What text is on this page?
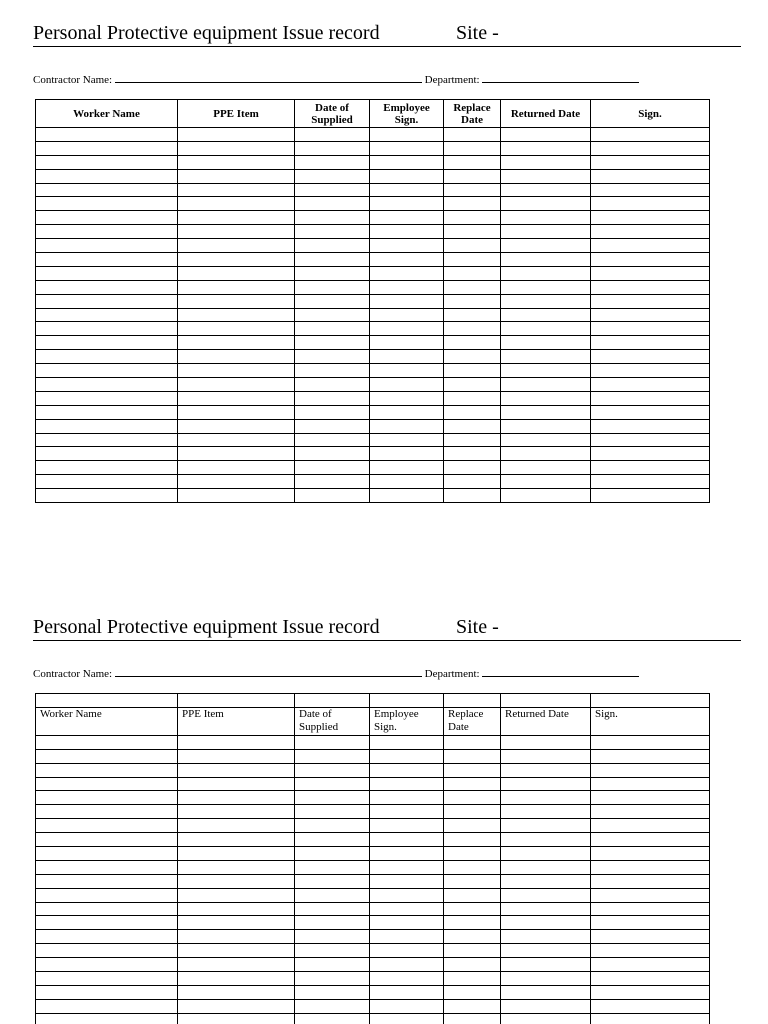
Personal Protective equipment Issue record	Site -
Contractor Name:	Department:
Worker Name	PPE Item	Date of Supplied	Employee Sign.	Replace Date	Returned Date	Sign.

Personal Protective equipment Issue record	Site -
Contractor Name:	Department:

Worker Name	PPE Item	Date of Supplied	Employee Sign.	Replace Date	Returned Date	Sign.
